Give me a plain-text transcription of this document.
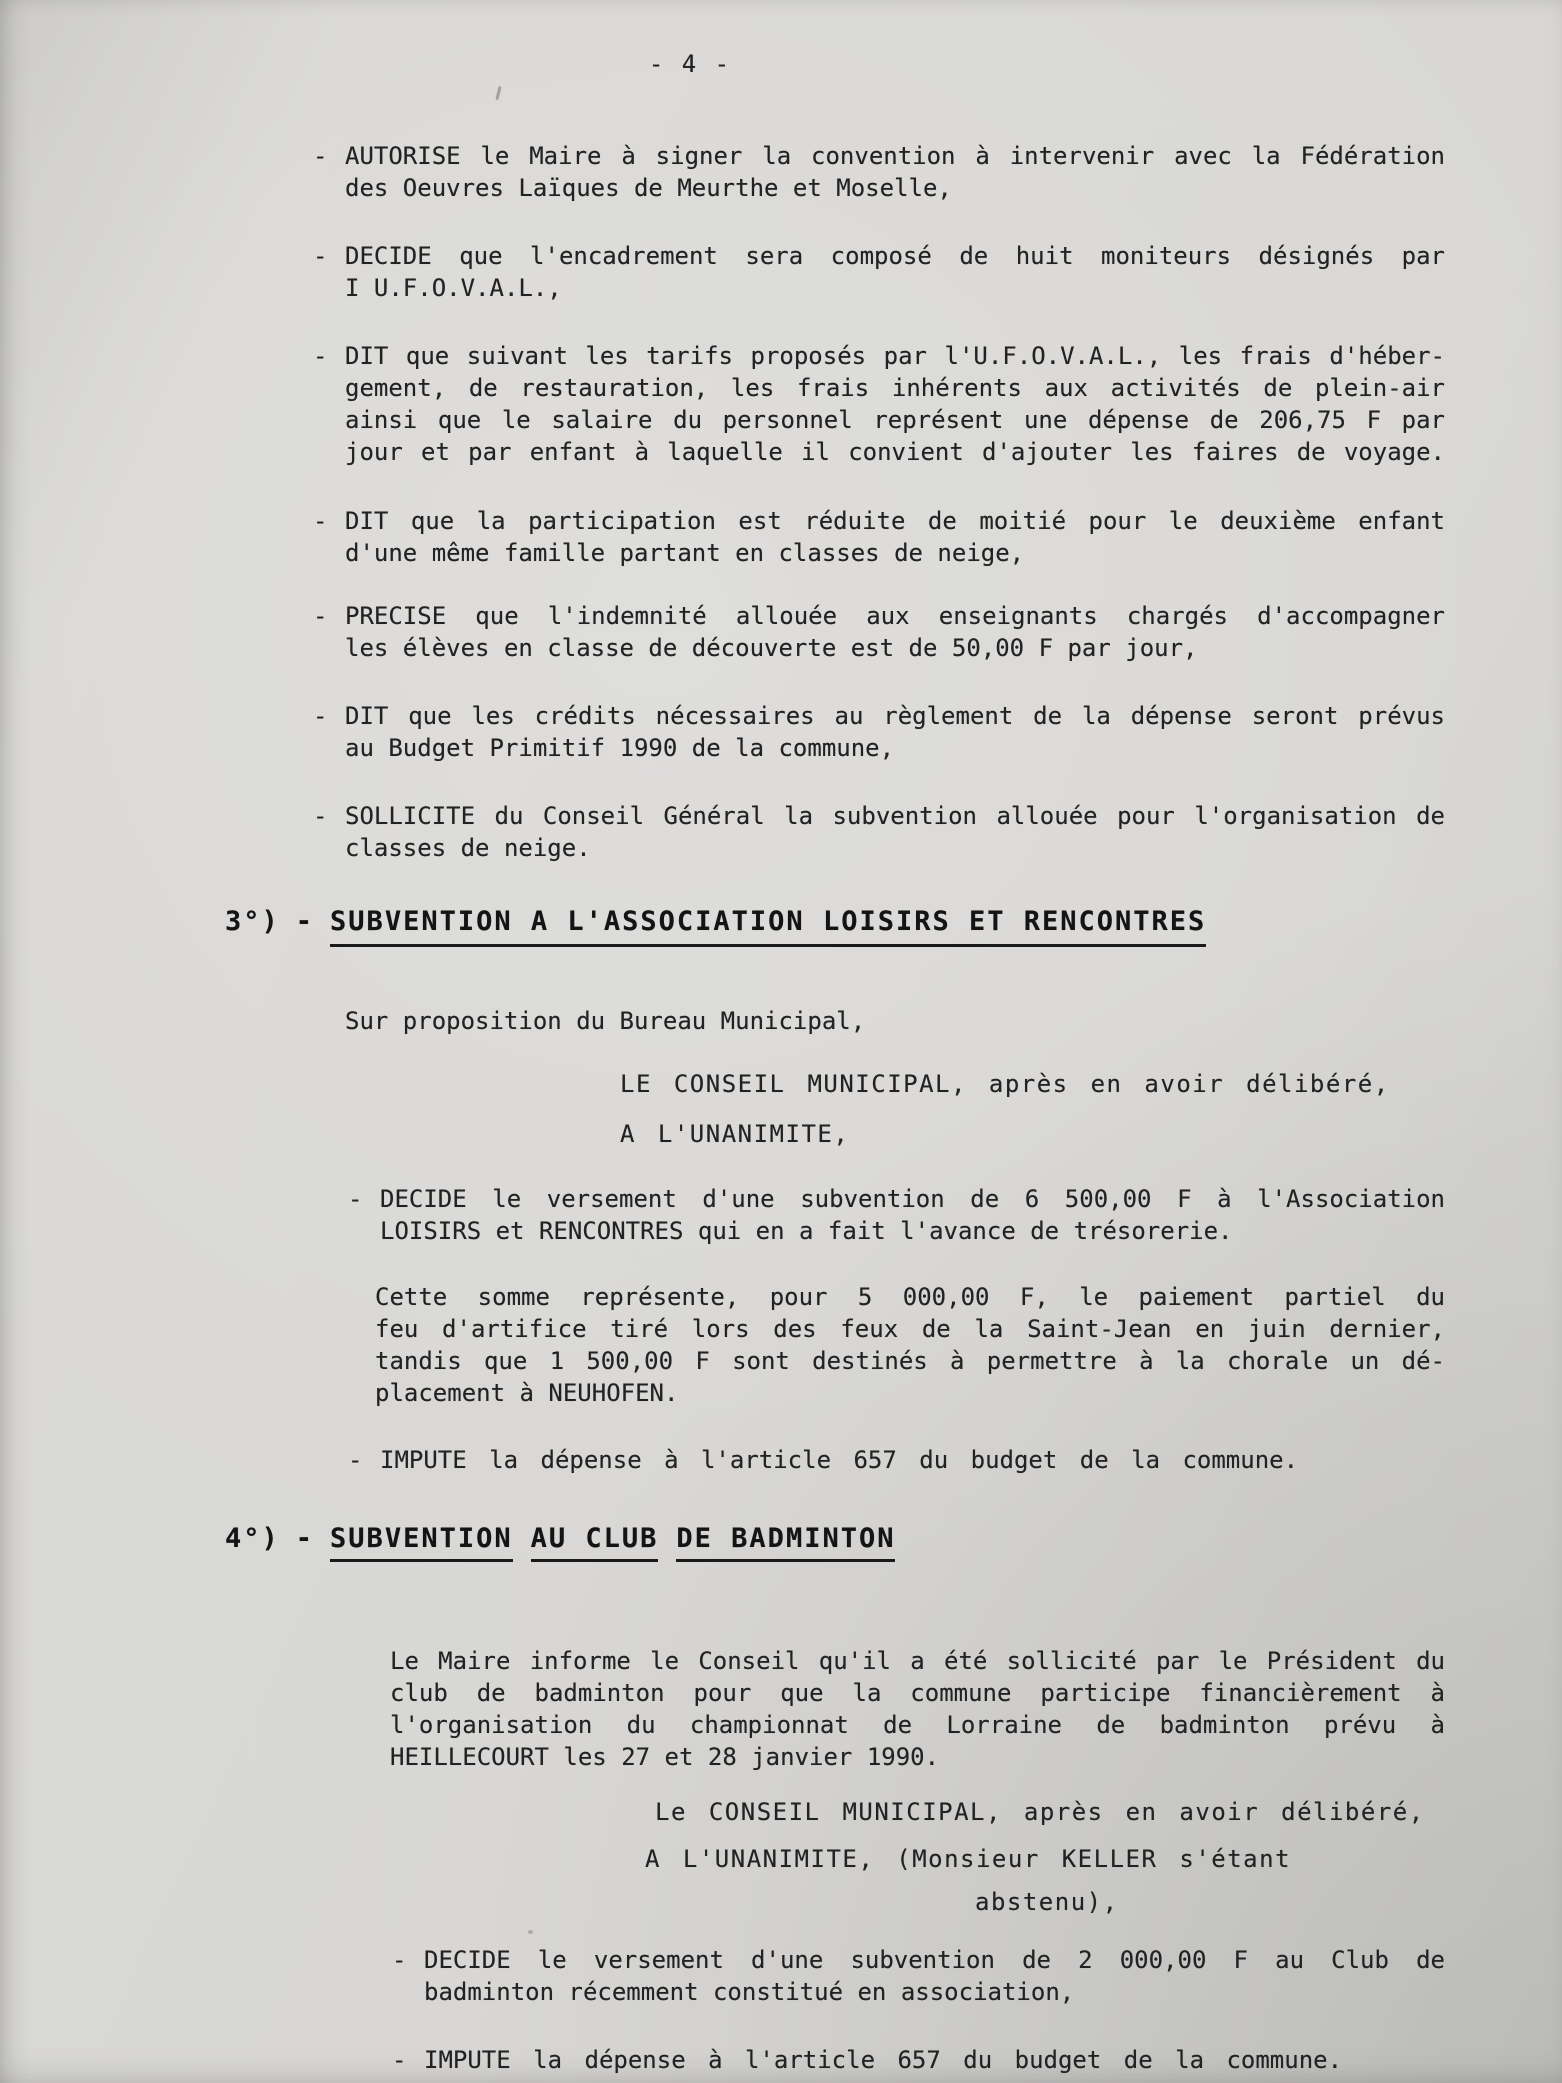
- 4 -
- AUTORISE le Maire à signer la convention à intervenir avec la Fédération
des Oeuvres Laïques de Meurthe et Moselle,
- DECIDE que l'encadrement sera composé de huit moniteurs désignés par
I U.F.O.V.A.L.,
- DIT que suivant les tarifs proposés par l'U.F.O.V.A.L., les frais d'héber-
gement, de restauration, les frais inhérents aux activités de plein-air
ainsi que le salaire du personnel représent une dépense de 206,75 F par
jour et par enfant à laquelle il convient d'ajouter les faires de voyage.
- DIT que la participation est réduite de moitié pour le deuxième enfant
d'une même famille partant en classes de neige,
- PRECISE que l'indemnité allouée aux enseignants chargés d'accompagner
les élèves en classe de découverte est de 50,00 F par jour,
- DIT que les crédits nécessaires au règlement de la dépense seront prévus
au Budget Primitif 1990 de la commune,
- SOLLICITE du Conseil Général la subvention allouée pour l'organisation de
classes de neige.
3°) - SUBVENTION A L'ASSOCIATION LOISIRS ET RENCONTRES
Sur proposition du Bureau Municipal,
LE CONSEIL MUNICIPAL, après en avoir délibéré,
A L'UNANIMITE,
- DECIDE le versement d'une subvention de 6 500,00 F à l'Association
LOISIRS et RENCONTRES qui en a fait l'avance de trésorerie.
Cette somme représente, pour 5 000,00 F, le paiement partiel du
feu d'artifice tiré lors des feux de la Saint-Jean en juin dernier,
tandis que 1 500,00 F sont destinés à permettre à la chorale un dé-
placement à NEUHOFEN.
- IMPUTE la dépense à l'article 657 du budget de la commune.
4°) - SUBVENTION AU CLUB DE BADMINTON
Le Maire informe le Conseil qu'il a été sollicité par le Président du
club de badminton pour que la commune participe financièrement à
l'organisation du championnat de Lorraine de badminton prévu à
HEILLECOURT les 27 et 28 janvier 1990.
Le CONSEIL MUNICIPAL, après en avoir délibéré,
A L'UNANIMITE, (Monsieur KELLER s'étant
abstenu),
- DECIDE le versement d'une subvention de 2 000,00 F au Club de
badminton récemment constitué en association,
- IMPUTE la dépense à l'article 657 du budget de la commune.
